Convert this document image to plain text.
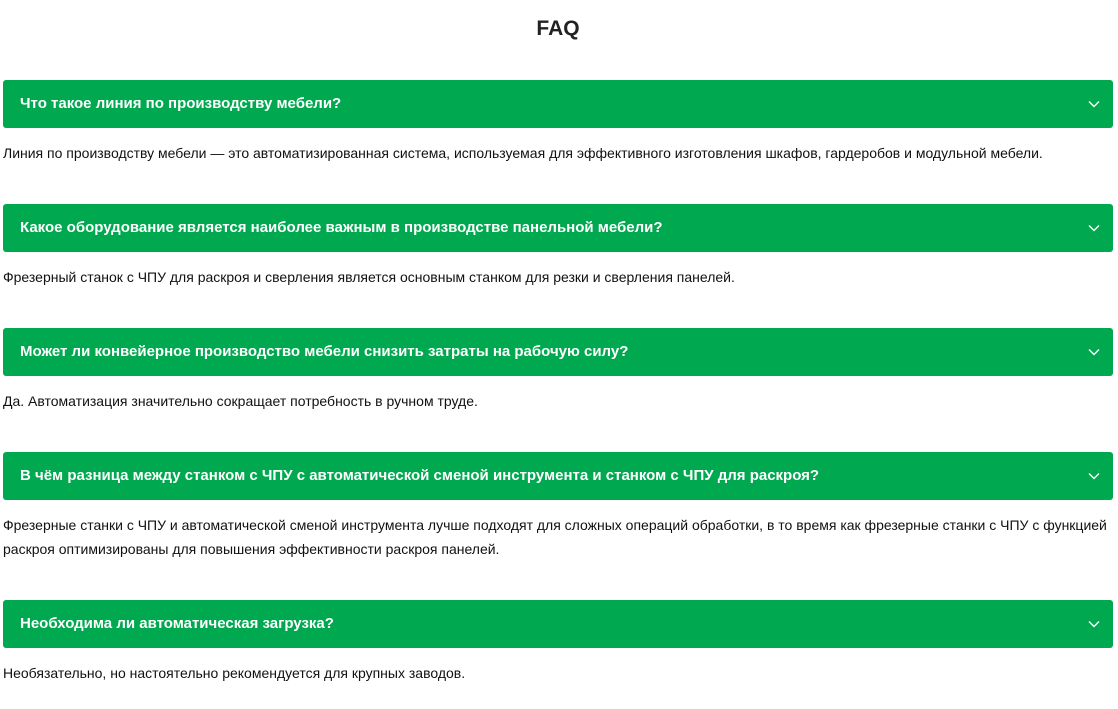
FAQ
Что такое линия по производству мебели?

Линия по производству мебели — это автоматизированная система, используемая для эффективного изготовления шкафов, гардеробов и модульной мебели.

Какое оборудование является наиболее важным в производстве панельной мебели?

Фрезерный станок с ЧПУ для раскроя и сверления является основным станком для резки и сверления панелей.

Может ли конвейерное производство мебели снизить затраты на рабочую силу?

Да. Автоматизация значительно сокращает потребность в ручном труде.

В чём разница между станком с ЧПУ с автоматической сменой инструмента и станком с ЧПУ для раскроя?

Фрезерные станки с ЧПУ и автоматической сменой инструмента лучше подходят для сложных операций обработки, в то время как фрезерные станки с ЧПУ с функцией раскроя оптимизированы для повышения эффективности раскроя панелей.

Необходима ли автоматическая загрузка?

Необязательно, но настоятельно рекомендуется для крупных заводов.
